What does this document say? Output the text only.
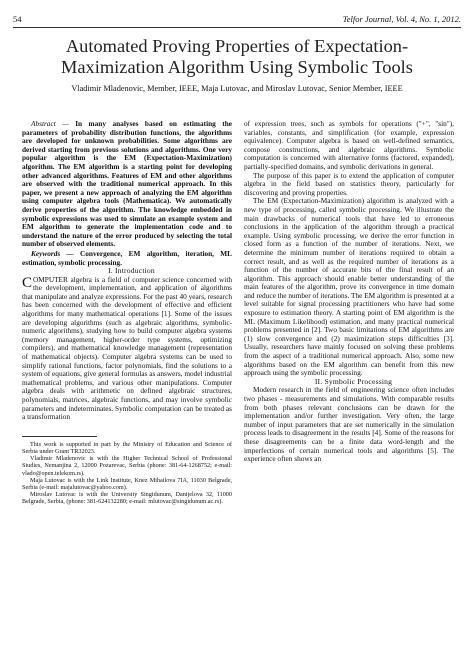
54	Telfor Journal, Vol. 4, No. 1, 2012.
Automated Proving Properties of Expectation-Maximization Algorithm Using Symbolic Tools
Vladimir Mladenovic, Member, IEEE, Maja Lutovac, and Miroslav Lutovac, Senior Member, IEEE

Abstract — In many analyses based on estimating the parameters of probability distribution functions, the algorithms are developed for unknown probabilities. Some algorithms are derived starting from previous solutions and algorithms. One very popular algorithm is the EM (Expectation-Maximization) algorithm. The EM algorithm is a starting point for developing other advanced algorithms. Features of EM and other algorithms are observed with the traditional numerical approach. In this paper, we present a new approach of analyzing the EM algorithm using computer algebra tools (Mathematica). We automatically derive properties of the algorithm. The knowledge embedded in symbolic expressions was used to simulate an example system and EM algorithm to generate the implementation code and to understand the nature of the error produced by selecting the total number of observed elements.

Keywords — Convergence, EM algorithm, iteration, ML estimation, symbolic processing.

I. Introduction

COMPUTER algebra is a field of computer science concerned with the development, implementation, and application of algorithms that manipulate and analyze expressions. For the past 40 years, research has been concerned with the development of effective and efficient algorithms for many mathematical operations [1]. Some of the issues are developing algorithms (such as algebraic algorithms, symbolic-numeric algorithms), studying how to build computer algebra systems (memory management, higher-order type systems, optimizing compilers), and mathematical knowledge management (representation of mathematical objects). Computer algebra systems can be used to simplify rational functions, factor polynomials, find the solutions to a system of equations, give general formulas as answers, model industrial mathematical problems, and various other manipulations. Computer algebra deals with arithmetic on defined algebraic structures, polynomials, matrices, algebraic functions, and may involve symbolic parameters and indeterminates. Symbolic computation can be treated as a transformation

This work is supported in part by the Ministry of Education and Science of Serbia under Grant TR32023.

Vladimir Mladenovic is with the Higher Technical School of Professional Studies, Nemanjina 2, 12000 Pozarevac, Serbia (phone: 381-64-1268752; e-mail: vlado@open.telekom.rs).

Maja Lutovac is with the Link Institute, Knez Mihailova 7IA, 11030 Belgrade, Serbia (e-mail: majalutovac@yahoo.com).

Miroslav Lutovac is with the University Singidunum, Danijelova 32, 11000 Belgrade, Serbia, (phone: 381-624132280; e-mail: mlutovac@singidunum.ac.rs).

of expression trees, such as symbols for operations ("+", "sin"), variables, constants, and simplification (for example, expression equivalence). Computer algebra is based on well-defined semantics, compose constructions, and algebraic algorithms. Symbolic computation is concerned with alternative forms (factored, expanded), partially-specified domains, and symbolic derivations in general.

The purpose of this paper is to extend the application of computer algebra in the field based on statistics theory, particularly for discovering and proving properties.

The EM (Expectation-Maximization) algorithm is analyzed with a new type of processing, called symbolic processing. We illustrate the main drawbacks of numerical tools that have led to erroneous conclusions in the application of the algorithm through a practical example. Using symbolic processing, we derive the error function in closed form as a function of the number of iterations. Next, we determine the minimum number of iterations required to obtain a correct result, and as well as the required number of iterations as a function of the number of accurate bits of the final result of an algorithm. This approach should enable better understanding of the main features of the algorithm, prove its convergence in time domain and reduce the number of iterations. The EM algorithm is presented at a level suitable for signal processing practitioners who have had some exposure to estimation theory. A starting point of EM algorithm is the ML (Maximum Likelihood) estimation, and many practical numerical problems presented in [2]. Two basic limitations of EM algorithms are (1) slow convergence and (2) maximization steps difficulties [3]. Usually, researchers have mainly focused on solving these problems from the aspect of a traditional numerical approach. Also, some new algorithms based on the EM algorithm can benefit from this new approach using the symbolic processing.

II. Symbolic Processing

Modern research in the field of engineering science often includes two phases - measurements and simulations. With comparable results from both phases relevant conclusions can be drawn for the implementation and/or further investigation. Very often, the large number of input parameters that are set numerically in the simulation process leads to disagreement in the results [4]. Some of the reasons for these disagreements can be a finite data word-length and the imperfections of certain numerical tools and algorithms [5]. The experience often shows an
